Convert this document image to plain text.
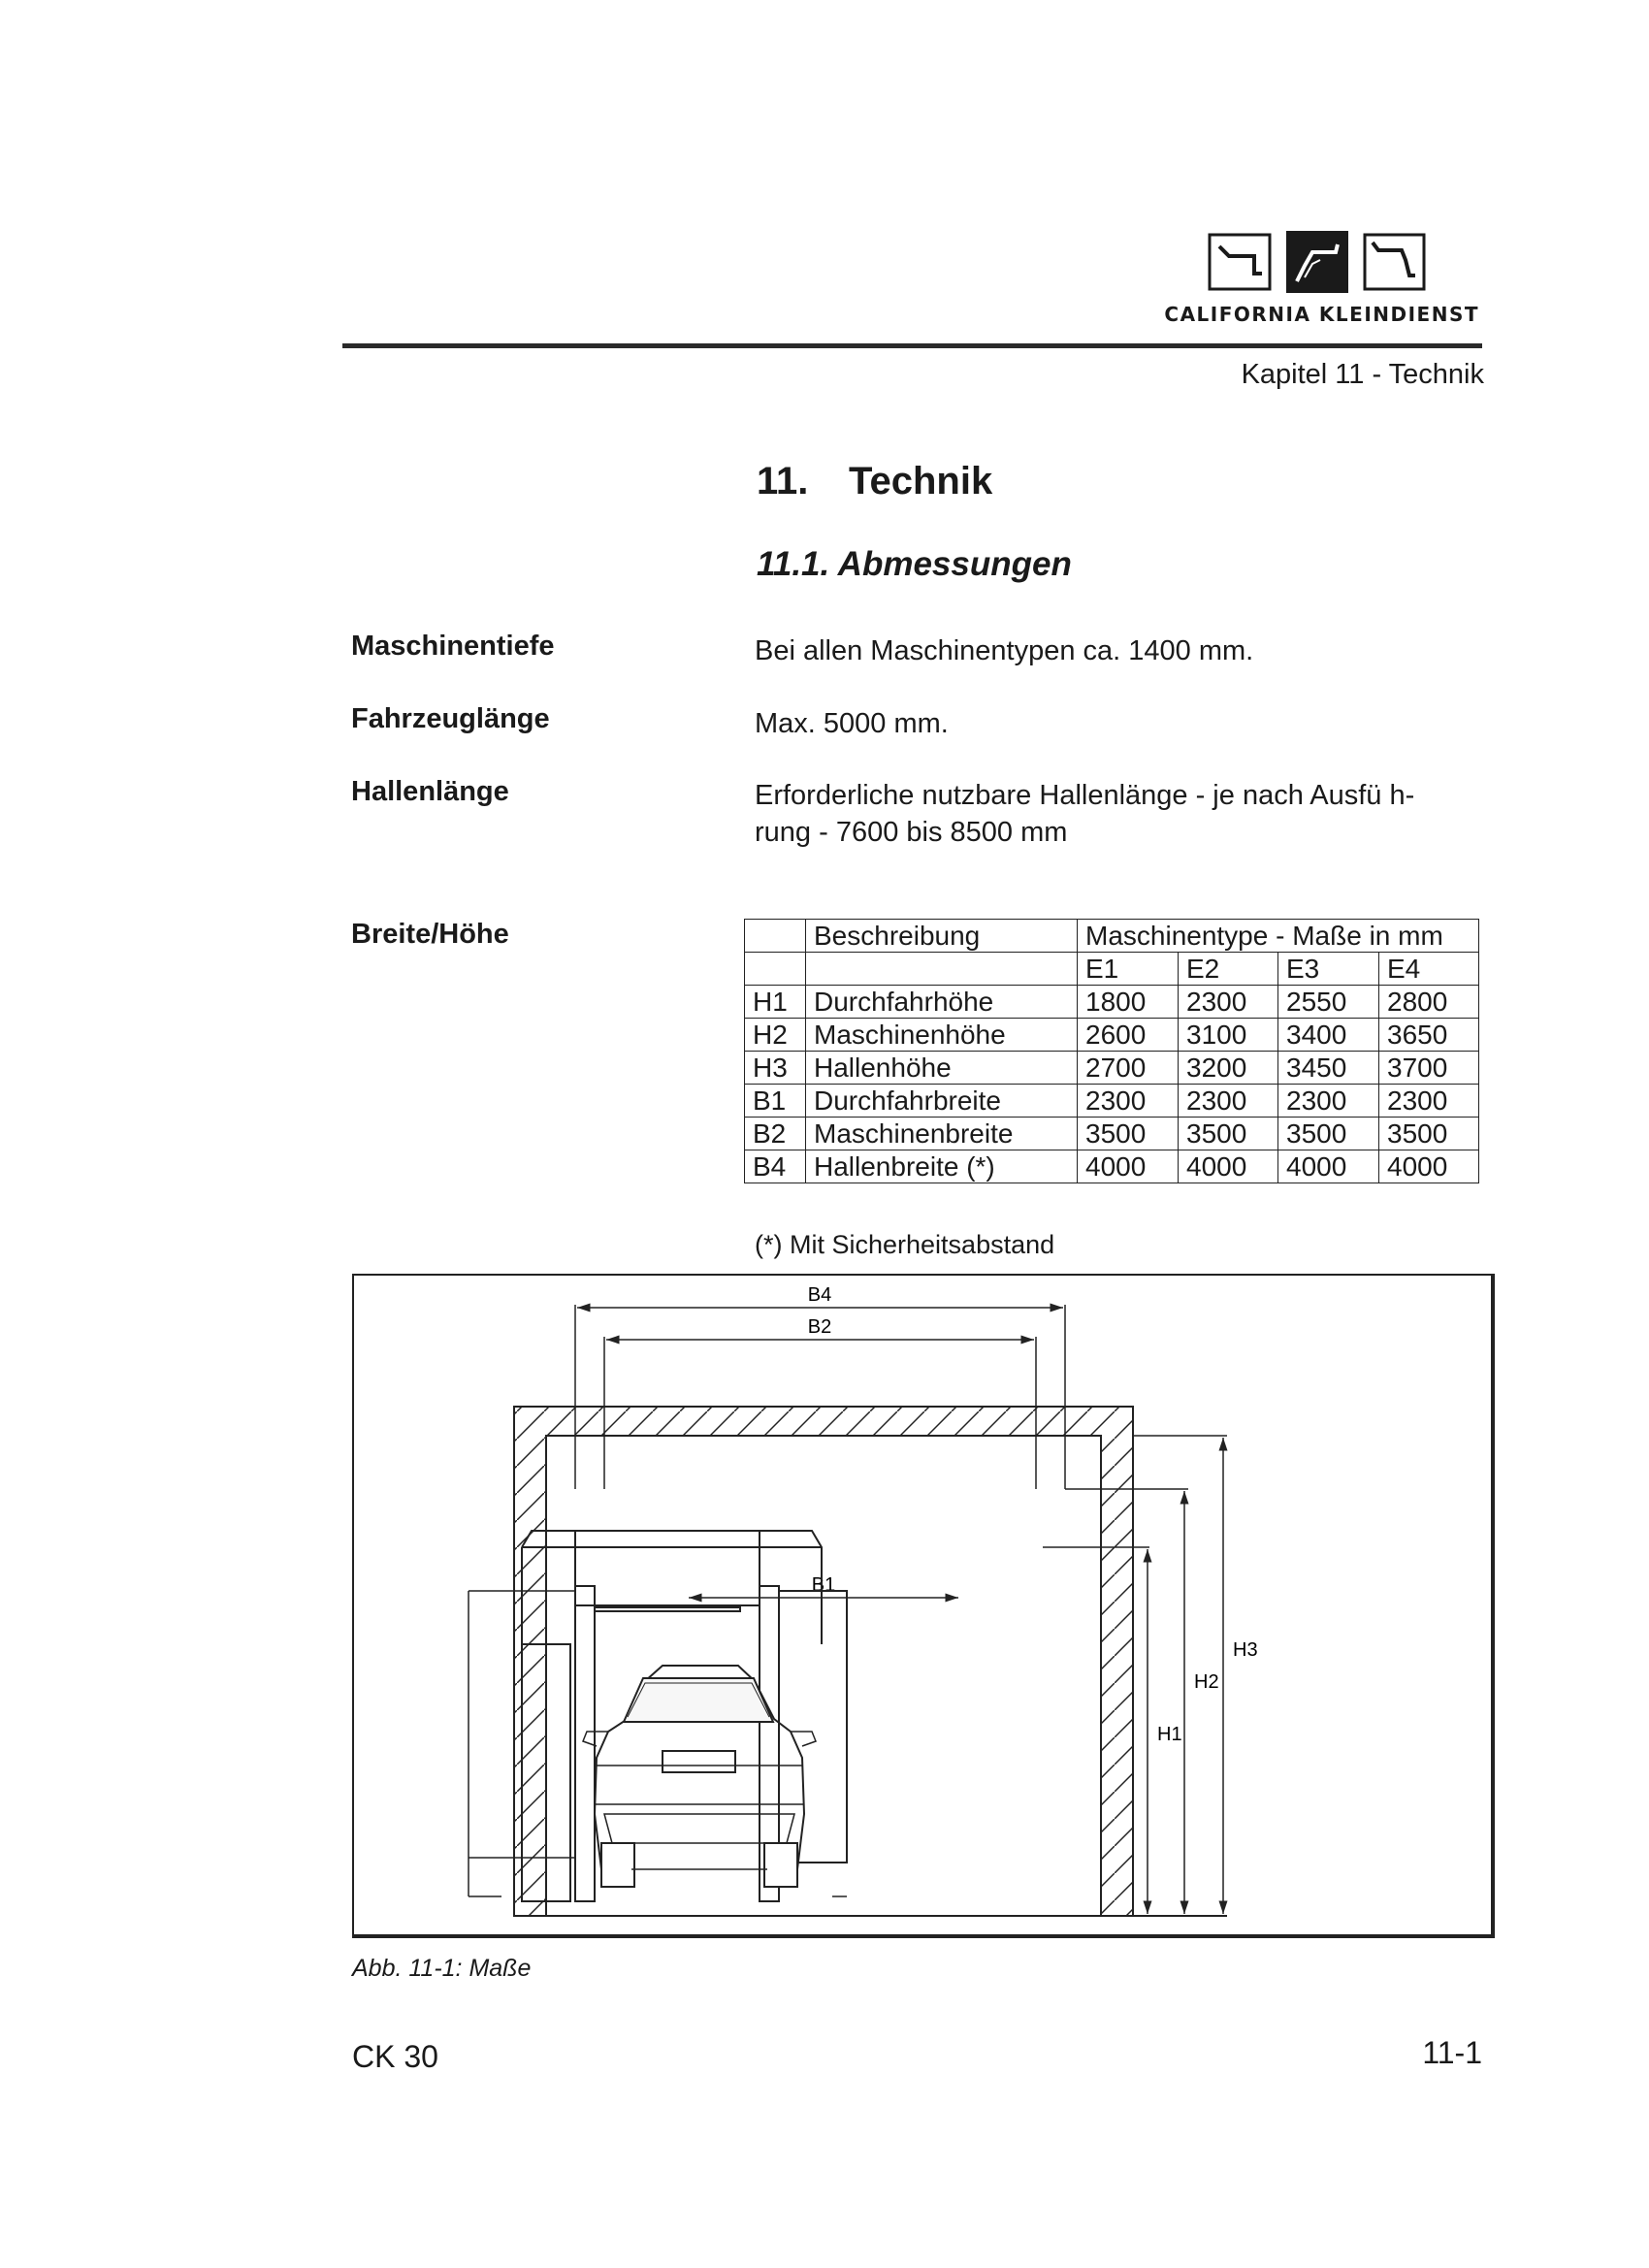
CALIFORNIA KLEINDIENST
Kapitel 11 - Technik
11. Technik
11.1. Abmessungen
Maschinentiefe	Bei allen Maschinentypen ca. 1400 mm.
Fahrzeuglänge	Max. 5000 mm.
Hallenlänge	Erforderliche nutzbare Hallenlänge - je nach Ausfü h-
rung - 7600 bis 8500 mm
Breite/Höhe
		Beschreibung	Maschinentype - Maße in mm			
		E1	E2	E3	E4
H1	Durchfahrhöhe	1800	2300	2550	2800
H2	Maschinenhöhe	2600	3100	3400	3650
H3	Hallenhöhe	2700	3200	3450	3700
B1	Durchfahrbreite	2300	2300	2300	2300
B2	Maschinenbreite	3500	3500	3500	3500
B4	Hallenbreite (*)	4000	4000	4000	4000
(*) Mit Sicherheitsabstand
B4
B2
B1
H1
H2
H3
Abb. 11-1: Maße
CK 30	11-1
